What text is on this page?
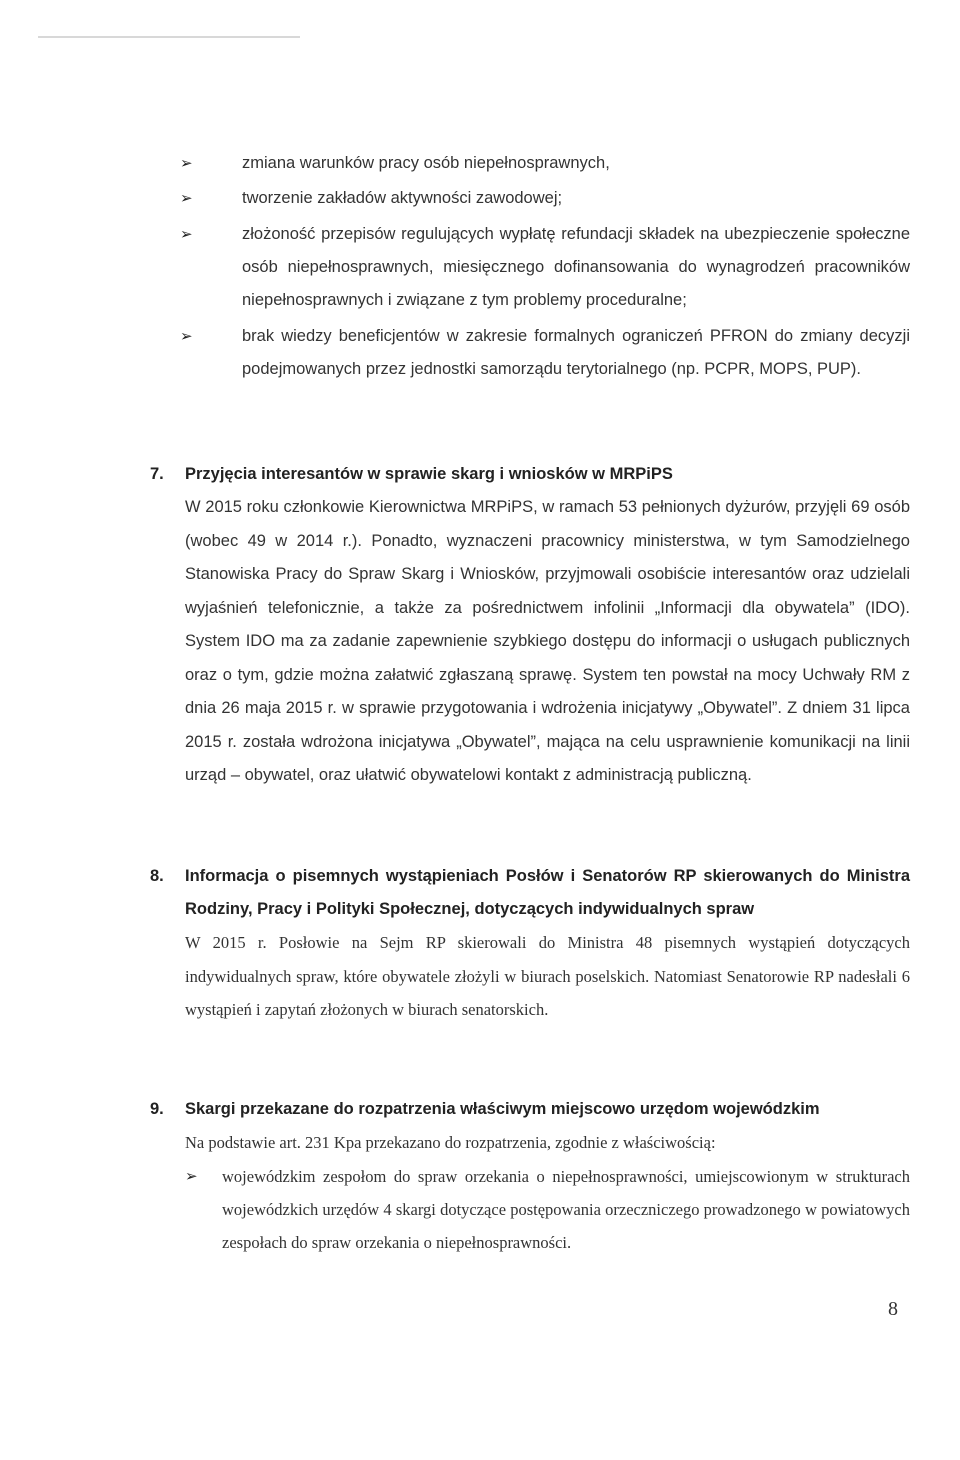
➢	zmiana warunków pracy osób niepełnosprawnych,
➢	tworzenie zakładów aktywności zawodowej;
➢	złożoność przepisów regulujących wypłatę refundacji składek na ubezpieczenie społeczne osób niepełnosprawnych, miesięcznego dofinansowania do wynagrodzeń pracowników niepełnosprawnych i związane z tym problemy proceduralne;
➢	brak wiedzy beneficjentów w zakresie formalnych ograniczeń PFRON do zmiany decyzji podejmowanych przez jednostki samorządu terytorialnego (np. PCPR, MOPS, PUP).
7. Przyjęcia interesantów w sprawie skarg i wniosków w MRPiPS
W 2015 roku członkowie Kierownictwa MRPiPS, w ramach 53 pełnionych dyżurów, przyjęli 69 osób (wobec 49 w 2014 r.). Ponadto, wyznaczeni pracownicy ministerstwa, w tym Samodzielnego Stanowiska Pracy do Spraw Skarg i Wniosków, przyjmowali osobiście interesantów oraz udzielali wyjaśnień telefonicznie, a także za pośrednictwem infolinii „Informacji dla obywatela” (IDO). System IDO ma za zadanie zapewnienie szybkiego dostępu do informacji o usługach publicznych oraz o tym, gdzie można załatwić zgłaszaną sprawę. System ten powstał na mocy Uchwały RM z dnia 26 maja 2015 r. w sprawie przygotowania i wdrożenia inicjatywy „Obywatel”. Z dniem 31 lipca 2015 r. została wdrożona inicjatywa „Obywatel”, mająca na celu usprawnienie komunikacji na linii urząd – obywatel, oraz ułatwić obywatelowi kontakt z administracją publiczną.
8. Informacja o pisemnych wystąpieniach Posłów i Senatorów RP skierowanych do Ministra Rodziny, Pracy i Polityki Społecznej, dotyczących indywidualnych spraw
W 2015 r. Posłowie na Sejm RP skierowali do Ministra 48 pisemnych wystąpień dotyczących indywidualnych spraw, które obywatele złożyli w biurach poselskich. Natomiast Senatorowie RP nadesłali 6 wystąpień i zapytań złożonych w biurach senatorskich.
9. Skargi przekazane do rozpatrzenia właściwym miejscowo urzędom wojewódzkim
Na podstawie art. 231 Kpa przekazano do rozpatrzenia, zgodnie z właściwością:
➢ wojewódzkim zespołom do spraw orzekania o niepełnosprawności, umiejscowionym w strukturach wojewódzkich urzędów 4 skargi dotyczące postępowania orzeczniczego prowadzonego w powiatowych zespołach do spraw orzekania o niepełnosprawności.
8
